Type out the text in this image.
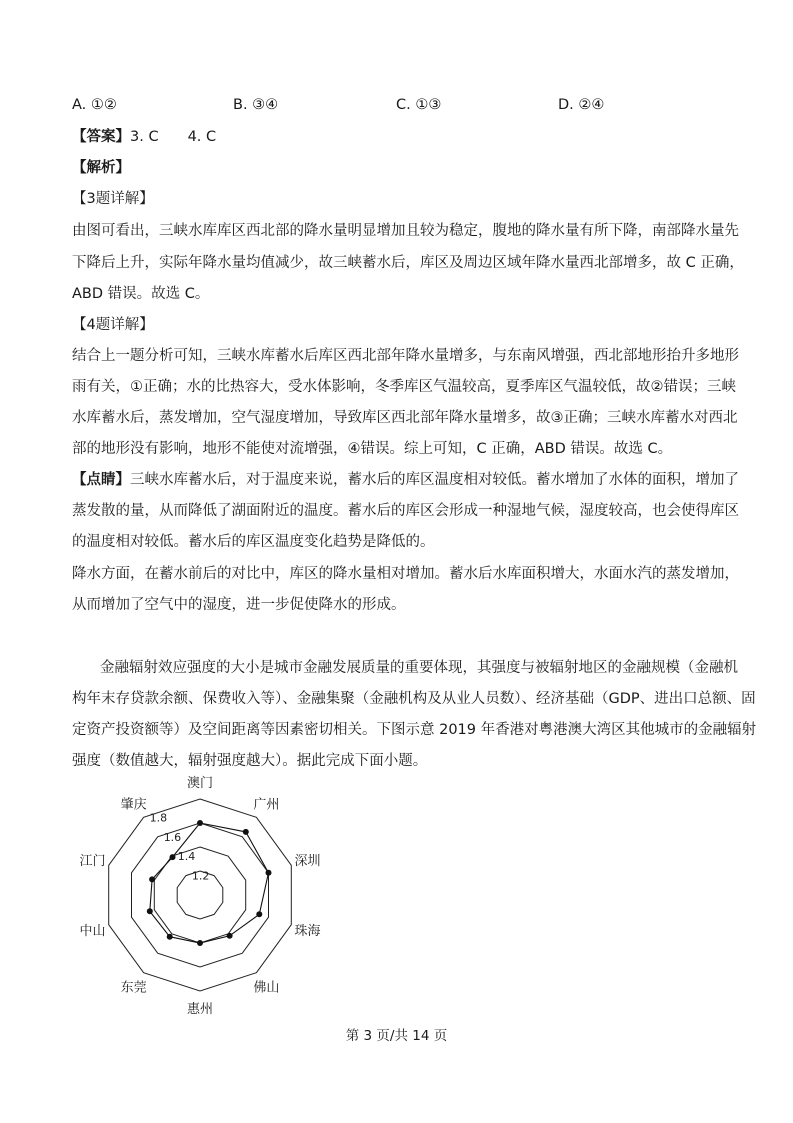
A. ①②	B. ③④	C. ①③	D. ②④
【答案】3. C　　4. C
【解析】
【3题详解】
由图可看出，三峡水库库区西北部的降水量明显增加且较为稳定，腹地的降水量有所下降，南部降水量先
下降后上升，实际年降水量均值减少，故三峡蓄水后，库区及周边区域年降水量西北部增多，故 C 正确，
ABD 错误。故选 C。
【4题详解】
结合上一题分析可知，三峡水库蓄水后库区西北部年降水量增多，与东南风增强，西北部地形抬升多地形
雨有关，①正确；水的比热容大，受水体影响，冬季库区气温较高，夏季库区气温较低，故②错误；三峡
水库蓄水后，蒸发增加，空气湿度增加，导致库区西北部年降水量增多，故③正确；三峡水库蓄水对西北
部的地形没有影响，地形不能使对流增强，④错误。综上可知，C 正确，ABD 错误。故选 C。
【点睛】三峡水库蓄水后，对于温度来说，蓄水后的库区温度相对较低。蓄水增加了水体的面积，增加了
蒸发散的量，从而降低了湖面附近的温度。蓄水后的库区会形成一种湿地气候，湿度较高，也会使得库区
的温度相对较低。蓄水后的库区温度变化趋势是降低的。
降水方面，在蓄水前后的对比中，库区的降水量相对增加。蓄水后水库面积增大，水面水汽的蒸发增加，
从而增加了空气中的湿度，进一步促使降水的形成。
金融辐射效应强度的大小是城市金融发展质量的重要体现，其强度与被辐射地区的金融规模（金融机
构年末存贷款余额、保费收入等）、金融集聚（金融机构及从业人员数）、经济基础（GDP、进出口总额、固
定资产投资额等）及空间距离等因素密切相关。下图示意 2019 年香港对粤港澳大湾区其他城市的金融辐射
强度（数值越大，辐射强度越大）。据此完成下面小题。
1.2
1.4
1.6
1.8
澳门
广州
深圳
珠海
佛山
惠州
东莞
中山
江门
肇庆
第 3 页/共 14 页
